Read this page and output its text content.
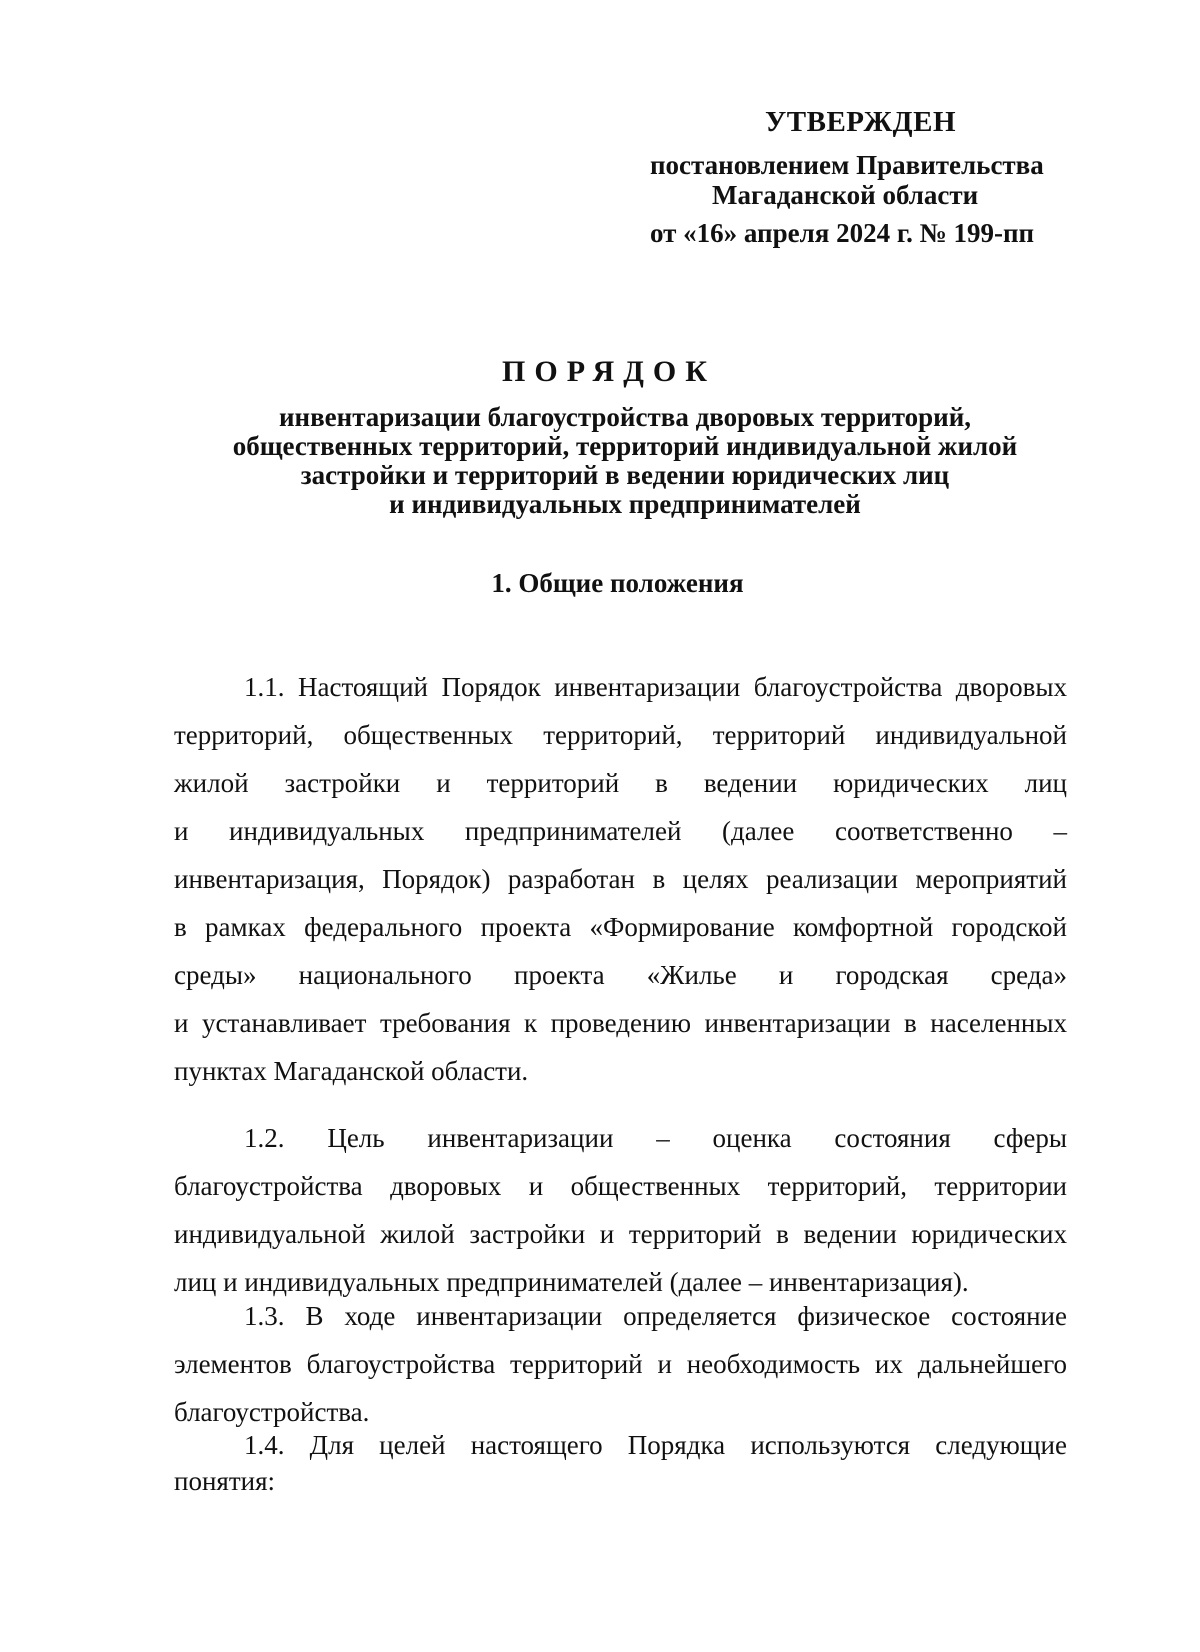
УТВЕРЖДЕН
постановлением Правительства
Магаданской области
от «16» апреля 2024 г. № 199-пп
ПОРЯДОК
инвентаризации благоустройства дворовых территорий,
общественных территорий, территорий индивидуальной жилой
застройки и территорий в ведении юридических лиц
и индивидуальных предпринимателей
1. Общие положения
1.1. Настоящий Порядок инвентаризации благоустройства дворовых
территорий, общественных территорий, территорий индивидуальной
жилой застройки и территорий в ведении юридических лиц
и индивидуальных предпринимателей (далее соответственно –
инвентаризация, Порядок) разработан в целях реализации мероприятий
в рамках федерального проекта «Формирование комфортной городской
среды» национального проекта «Жилье и городская среда»
и устанавливает требования к проведению инвентаризации в населенных
пунктах Магаданской области.
1.2. Цель инвентаризации – оценка состояния сферы
благоустройства дворовых и общественных территорий, территории
индивидуальной жилой застройки и территорий в ведении юридических
лиц и индивидуальных предпринимателей (далее – инвентаризация).
1.3. В ходе инвентаризации определяется физическое состояние
элементов благоустройства территорий и необходимость их дальнейшего
благоустройства.
1.4. Для целей настоящего Порядка используются следующие
понятия:
